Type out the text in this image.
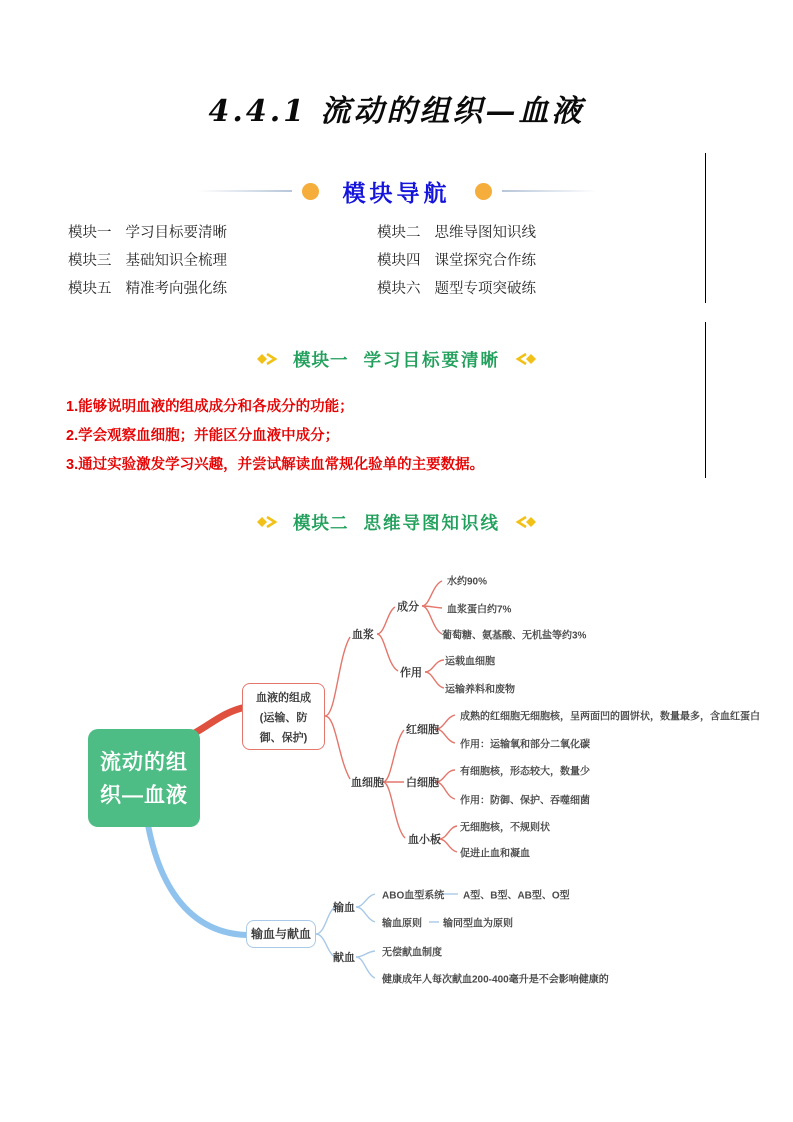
4.4.1 流动的组织—血液
模块导航
模块一 学习目标要清晰	模块二 思维导图知识线
模块三 基础知识全梳理	模块四 课堂探究合作练
模块五 精准考向强化练	模块六 题型专项突破练
模块一 学习目标要清晰

1.能够说明血液的组成成分和各成分的功能；

2.学会观察血细胞；并能区分血液中成分；

3.通过实验激发学习兴趣，并尝试解读血常规化验单的主要数据。

模块二 思维导图知识线
流动的组
织—血液
血液的组成
(运输、防
御、保护)
血浆
成分
水约90%
血浆蛋白约7%
葡萄糖、氨基酸、无机盐等约3%
作用
运载血细胞
运输养料和废物
血细胞
红细胞
成熟的红细胞无细胞核，呈两面凹的圆饼状，数量最多，含血红蛋白
作用：运输氧和部分二氧化碳
白细胞
有细胞核，形态较大，数量少
作用：防御、保护、吞噬细菌
血小板
无细胞核，不规则状
促进止血和凝血
输血与献血
输血
ABO血型系统 A型、B型、AB型、O型
输血原则 输同型血为原则
献血	无偿献血制度
健康成年人每次献血200-400毫升是不会影响健康的
